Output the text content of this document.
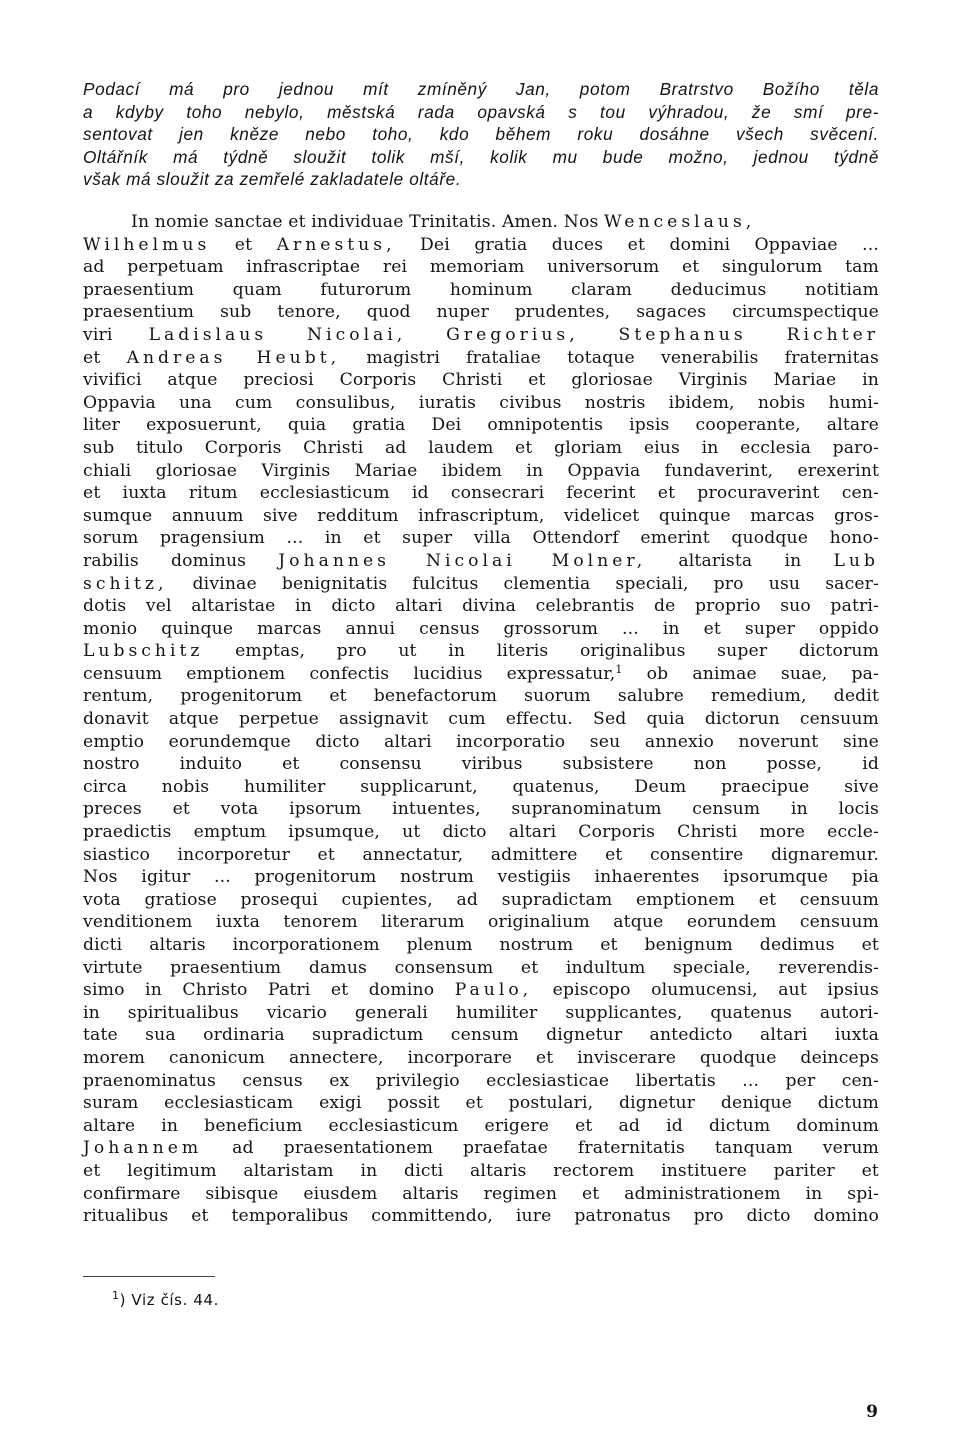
Podací má pro jednou mít zmíněný Jan, potom Bratrstvo Božího těla
a kdyby toho nebylo, městská rada opavská s tou výhradou, že smí pre-
sentovat jen kněze nebo toho, kdo během roku dosáhne všech svěcení.
Oltářník má týdně sloužit tolik mší, kolik mu bude možno, jednou týdně
však má sloužit za zemřelé zakladatele oltáře.
In nomie sanctae et individuae Trinitatis. Amen. Nos Wenceslaus,
Wilhelmus et Arnestus, Dei gratia duces et domini Oppaviae ...
ad perpetuam infrascriptae rei memoriam universorum et singulorum tam
praesentium quam futurorum hominum claram deducimus notitiam
praesentium sub tenore, quod nuper prudentes, sagaces circumspectique
viri Ladislaus Nicolai, Gregorius, Stephanus Richter
et Andreas Heubt, magistri frataliae totaque venerabilis fraternitas
vivifici atque preciosi Corporis Christi et gloriosae Virginis Mariae in
Oppavia una cum consulibus, iuratis civibus nostris ibidem, nobis humi-
liter exposuerunt, quia gratia Dei omnipotentis ipsis cooperante, altare
sub titulo Corporis Christi ad laudem et gloriam eius in ecclesia paro-
chiali gloriosae Virginis Mariae ibidem in Oppavia fundaverint, erexerint
et iuxta ritum ecclesiasticum id consecrari fecerint et procuraverint cen-
sumque annuum sive redditum infrascriptum, videlicet quinque marcas gros-
sorum pragensium ... in et super villa Ottendorf emerint quodque hono-
rabilis dominus Johannes Nicolai Molner, altarista in Lub
schitz, divinae benignitatis fulcitus clementia speciali, pro usu sacer-
dotis vel altaristae in dicto altari divina celebrantis de proprio suo patri-
monio quinque marcas annui census grossorum ... in et super oppido
Lubschitz emptas, pro ut in literis originalibus super dictorum
censuum emptionem confectis lucidius expressatur,$^1$ ob animae suae, pa-
rentum, progenitorum et benefactorum suorum salubre remedium, dedit
donavit atque perpetue assignavit cum effectu. Sed quia dictorun censuum
emptio eorundemque dicto altari incorporatio seu annexio noverunt sine
nostro induito et consensu viribus subsistere non posse, id
circa nobis humiliter supplicarunt, quatenus, Deum praecipue sive
preces et vota ipsorum intuentes, supranominatum censum in locis
praedictis emptum ipsumque, ut dicto altari Corporis Christi more eccle-
siastico incorporetur et annectatur, admittere et consentire dignaremur.
Nos igitur ... progenitorum nostrum vestigiis inhaerentes ipsorumque pia
vota gratiose prosequi cupientes, ad supradictam emptionem et censuum
venditionem iuxta tenorem literarum originalium atque eorundem censuum
dicti altaris incorporationem plenum nostrum et benignum dedimus et
virtute praesentium damus consensum et indultum speciale, reverendis-
simo in Christo Patri et domino Paulo, episcopo olumucensi, aut ipsius
in spiritualibus vicario generali humiliter supplicantes, quatenus autori-
tate sua ordinaria supradictum censum dignetur antedicto altari iuxta
morem canonicum annectere, incorporare et inviscerare quodque deinceps
praenominatus census ex privilegio ecclesiasticae libertatis ... per cen-
suram ecclesiasticam exigi possit et postulari, dignetur denique dictum
altare in beneficium ecclesiasticum erigere et ad id dictum dominum
Johannem ad praesentationem praefatae fraternitatis tanquam verum
et legitimum altaristam in dicti altaris rectorem instituere pariter et
confirmare sibisque eiusdem altaris regimen et administrationem in spi-
ritualibus et temporalibus committendo, iure patronatus pro dicto domino
$^1$) Viz čís. 44.
9
